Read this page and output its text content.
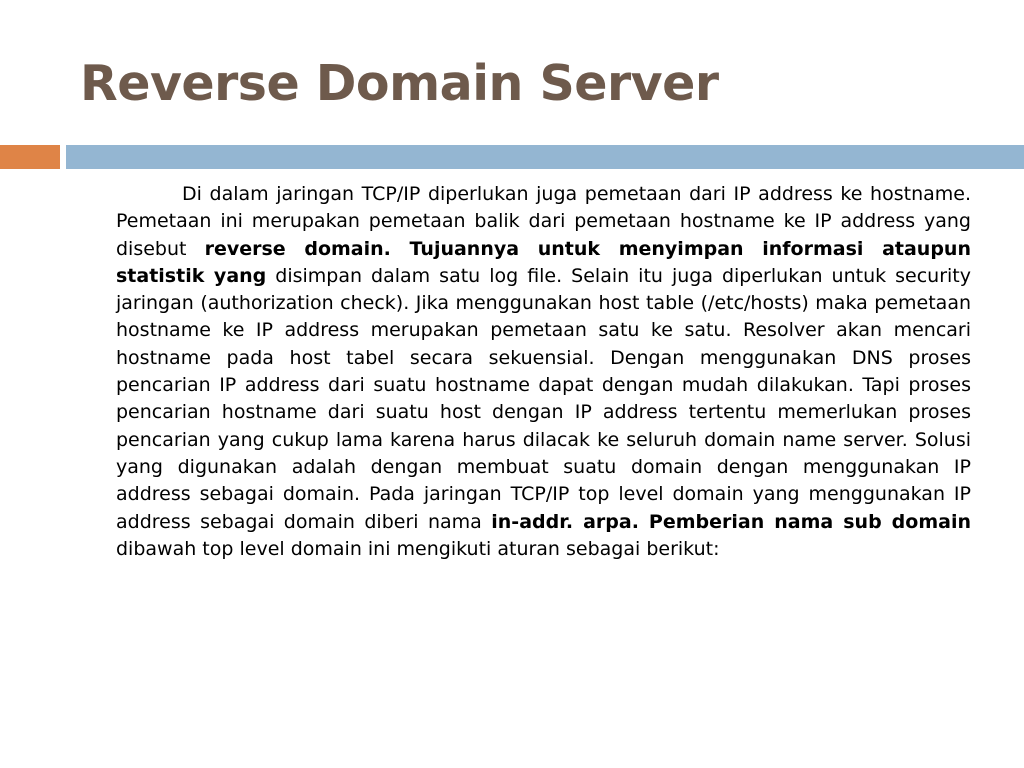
Reverse Domain Server

Di dalam jaringan TCP/IP diperlukan juga pemetaan dari IP address ke hostname. Pemetaan ini merupakan pemetaan balik dari pemetaan hostname ke IP address yang disebut reverse domain. Tujuannya untuk menyimpan informasi ataupun statistik yang disimpan dalam satu log file. Selain itu juga diperlukan untuk security jaringan (authorization check). Jika menggunakan host table (/etc/hosts) maka pemetaan hostname ke IP address merupakan pemetaan satu ke satu. Resolver akan mencari hostname pada host tabel secara sekuensial. Dengan menggunakan DNS proses pencarian IP address dari suatu hostname dapat dengan mudah dilakukan. Tapi proses pencarian hostname dari suatu host dengan IP address tertentu memerlukan proses pencarian yang cukup lama karena harus dilacak ke seluruh domain name server. Solusi yang digunakan adalah dengan membuat suatu domain dengan menggunakan IP address sebagai domain. Pada jaringan TCP/IP top level domain yang menggunakan IP address sebagai domain diberi nama in-addr. arpa. Pemberian nama sub domain dibawah top level domain ini mengikuti aturan sebagai berikut:
